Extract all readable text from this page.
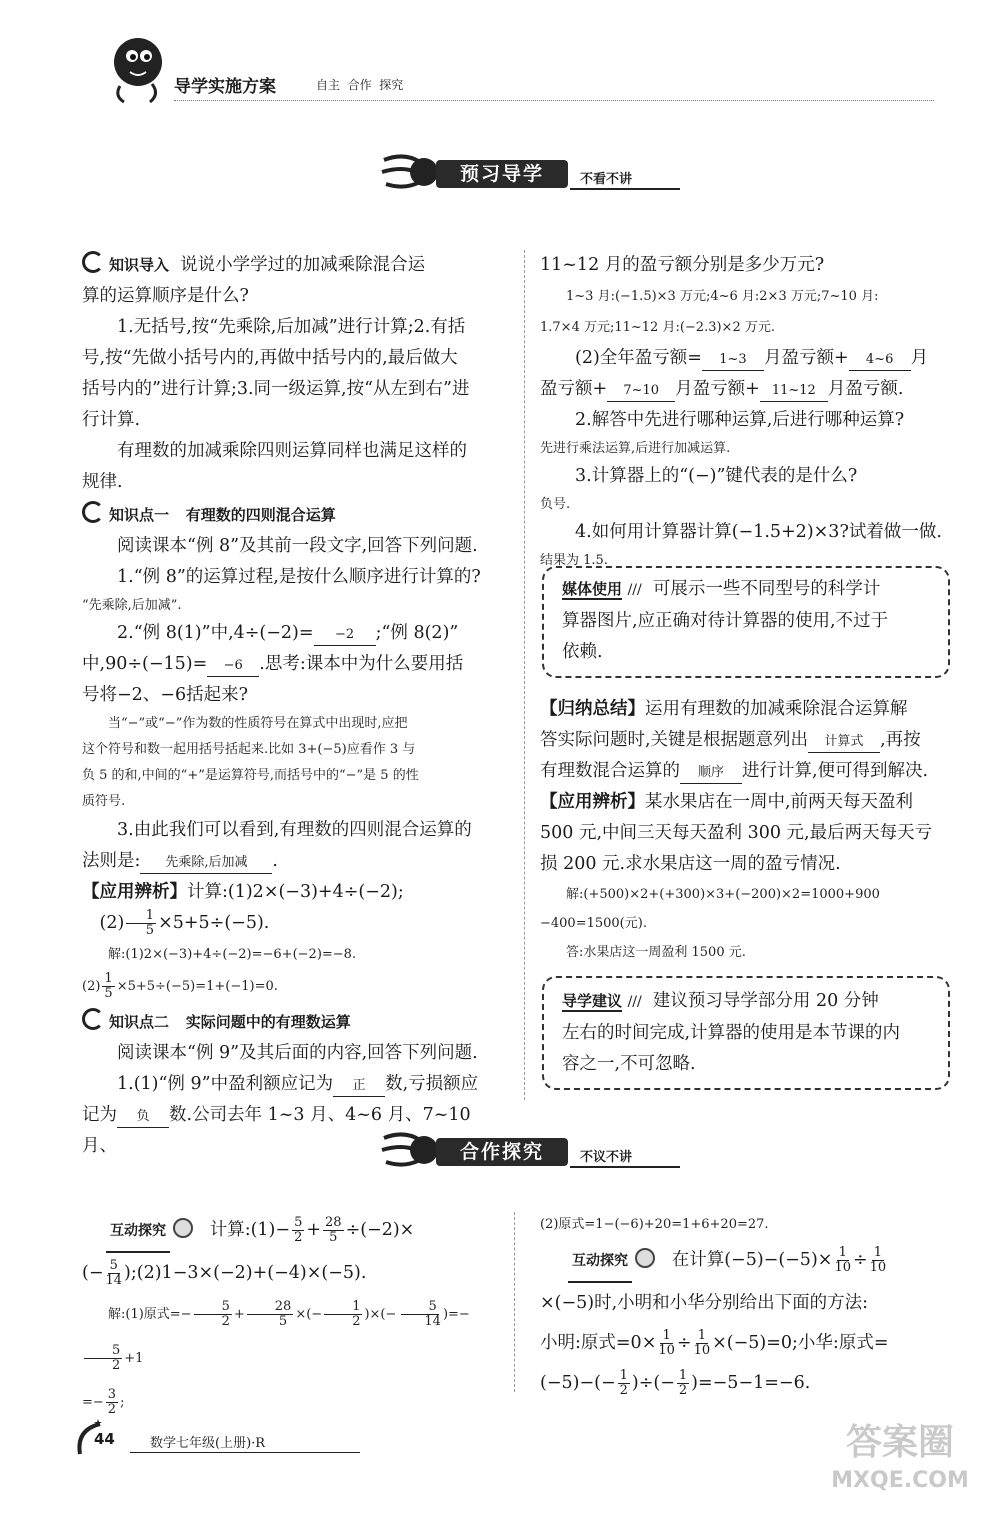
导学实施方案	自主  合作  探究
预习导学	不看不讲

知识导入 说说小学学过的加减乘除混合运

算的运算顺序是什么?

1.无括号,按“先乘除,后加减”进行计算;2.有括

号,按“先做小括号内的,再做中括号内的,最后做大

括号内的”进行计算;3.同一级运算,按“从左到右”进

行计算.

有理数的加减乘除四则运算同样也满足这样的

规律.

知识点一 有理数的四则混合运算

阅读课本“例 8”及其前一段文字,回答下列问题.

1.“例 8”的运算过程,是按什么顺序进行计算的?

“先乘除,后加减”.

2.“例 8(1)”中,4÷(−2)= −2 ;“例 8(2)”

中,90÷(−15)= −6 .思考:课本中为什么要用括

号将−2、−6括起来?

当“−”或“−”作为数的性质符号在算式中出现时,应把

这个符号和数一起用括号括起来.比如 3+(−5)应看作 3 与

负 5 的和,中间的“+”是运算符号,而括号中的“−”是 5 的性

质符号.

3.由此我们可以看到,有理数的四则混合运算的

法则是: 先乘除,后加减 .

【应用辨析】计算:(1)2×(−3)+4÷(−2);

$(2) \frac{1}{5} \times 5+5\div(-5)$.

解:(1)2×(−3)+4÷(−2)=−6+(−2)=−8.

$(2) \frac{1}{5} \times 5+5\div(-5)=1+(-1)=0$.

知识点二 实际问题中的有理数运算

阅读课本“例 9”及其后面的内容,回答下列问题.

1.(1)“例 9”中盈利额应记为 正 数,亏损额应

记为 负 数.公司去年 1~3 月、4~6 月、7~10 月、

11~12 月的盈亏额分别是多少万元?

1~3 月:(−1.5)×3 万元;4~6 月:2×3 万元;7~10 月:

1.7×4 万元;11~12 月:(−2.3)×2 万元.

(2)全年盈亏额= 1~3 月盈亏额+ 4~6 月

盈亏额+ 7~10 月盈亏额+ 11~12 月盈亏额.

2.解答中先进行哪种运算,后进行哪种运算?

先进行乘法运算,后进行加减运算.

3.计算器上的“(−)”键代表的是什么?

负号.

4.如何用计算器计算(−1.5+2)×3?试着做一做.

结果为 1.5.

媒体使用 /// 可展示一些不同型号的科学计

算器图片,应正确对待计算器的使用,不过于

依赖.

【归纳总结】运用有理数的加减乘除混合运算解

答实际问题时,关键是根据题意列出 计算式 ,再按

有理数混合运算的 顺序 进行计算,便可得到解决.

【应用辨析】某水果店在一周中,前两天每天盈利

500 元,中间三天每天盈利 300 元,最后两天每天亏

损 200 元.求水果店这一周的盈亏情况.

解:(+500)×2+(+300)×3+(−200)×2=1000+900

−400=1500(元).

答:水果店这一周盈利 1500 元.

导学建议 /// 建议预习导学部分用 20 分钟

左右的时间完成,计算器的使用是本节课的内

容之一,不可忽略.

合作探究	不议不讲

互动探究 计算:(1)− $\frac{5}{2} + \frac{28}{5} \div(-2)\times$

(− $\frac{5}{14}$ );(2)1−3×(−2)+(−4)×(−5).

解:(1)原式=− $\frac{5}{2} + \frac{28}{5}$ ×(− $\frac{1}{2}$ )×(− $\frac{5}{14}$ )=−
$\frac{5}{2} +1$

=− $\frac{3}{2}$ ;

(2)原式=1−(−6)+20=1+6+20=27.

互动探究 在计算$(-5)-(-5)\times \frac{1}{10} \div \frac{1}{10}$

×(−5)时,小明和小华分别给出下面的方法:

小明:原式$=0\times \frac{1}{10} \div \frac{1}{10} \times(-5)=0$;小华:原式=

$(-5)-(- \frac{1}{2}$ )÷(− $\frac{1}{2} )=-5-1=-6$.

44	数学七年级(上册)·R	答案圈
MXQE.COM
